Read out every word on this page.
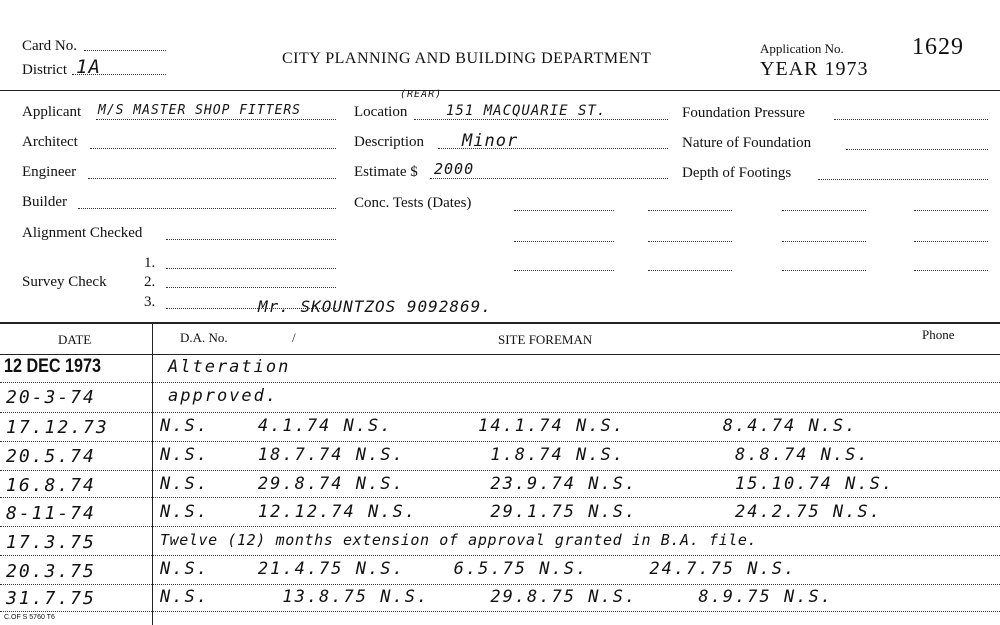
Card No.
District 1A	CITY PLANNING AND BUILDING DEPARTMENT
Application No.
YEAR 1973
1629
Applicant M/S MASTER SHOP FITTERS
Architect
Engineer
Builder
Alignment Checked
Survey Check
1.
2.
3.	Mr. SKOUNTZOS 9092869.
Location
(REAR)
151 MACQUARIE ST.
Description Minor
Estimate $ 2000
Conc. Tests (Dates)
Foundation Pressure
Nature of Foundation
Depth of Footings
DATE	D.A. No.	/	SITE FOREMAN	Phone
12 DEC 1973	Alteration
20-3-74	approved.
17.12.73	N.S.    4.1.74 N.S.       14.1.74 N.S.        8.4.74 N.S.
20.5.74	N.S.    18.7.74 N.S.       1.8.74 N.S.         8.8.74 N.S.
16.8.74	N.S.    29.8.74 N.S.       23.9.74 N.S.        15.10.74 N.S.
8-11-74	N.S.    12.12.74 N.S.      29.1.75 N.S.        24.2.75 N.S.
17.3.75	Twelve (12) months extension of approval granted in B.A. file.
20.3.75	N.S.    21.4.75 N.S.    6.5.75 N.S.     24.7.75 N.S.
31.7.75	N.S.      13.8.75 N.S.     29.8.75 N.S.     8.9.75 N.S.
C.OF S 5760 T6
